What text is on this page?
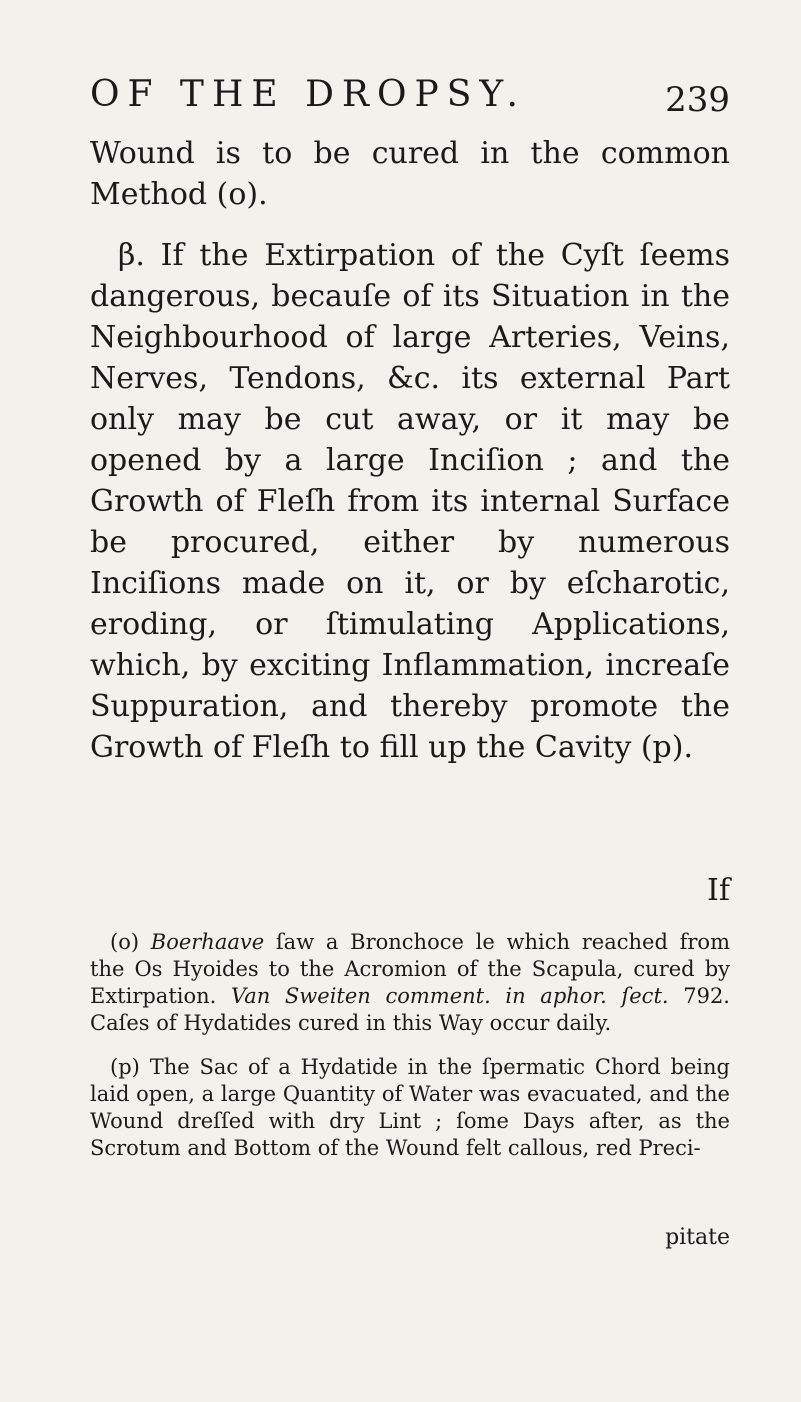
OF THE DROPSY.	239

Wound is to be cured in the common Method (o).

β. If the Extirpation of the Cyſt ſeems dangerous, becauſe of its Situation in the Neighbourhood of large Arteries, Veins, Nerves, Tendons, &c. its external Part only may be cut away, or it may be opened by a large Inciſion ; and the Growth of Fleſh from its internal Surface be procured, either by numerous Inciſions made on it, or by eſcharotic, eroding, or ſtimulating Applications, which, by exciting Inflammation, increaſe Suppuration, and thereby promote the Growth of Fleſh to fill up the Cavity (p).

If

(o) Boerhaave ſaw a Bronchoce le which reached from the Os Hyoides to the Acromion of the Scapula, cured by Extirpation. Van Sweiten comment. in aphor. ſect. 792. Caſes of Hydatides cured in this Way occur daily.

(p) The Sac of a Hydatide in the ſpermatic Chord being laid open, a large Quantity of Water was evacuated, and the Wound dreſſed with dry Lint ; ſome Days after, as the Scrotum and Bottom of the Wound felt callous, red Preci-

pitate
